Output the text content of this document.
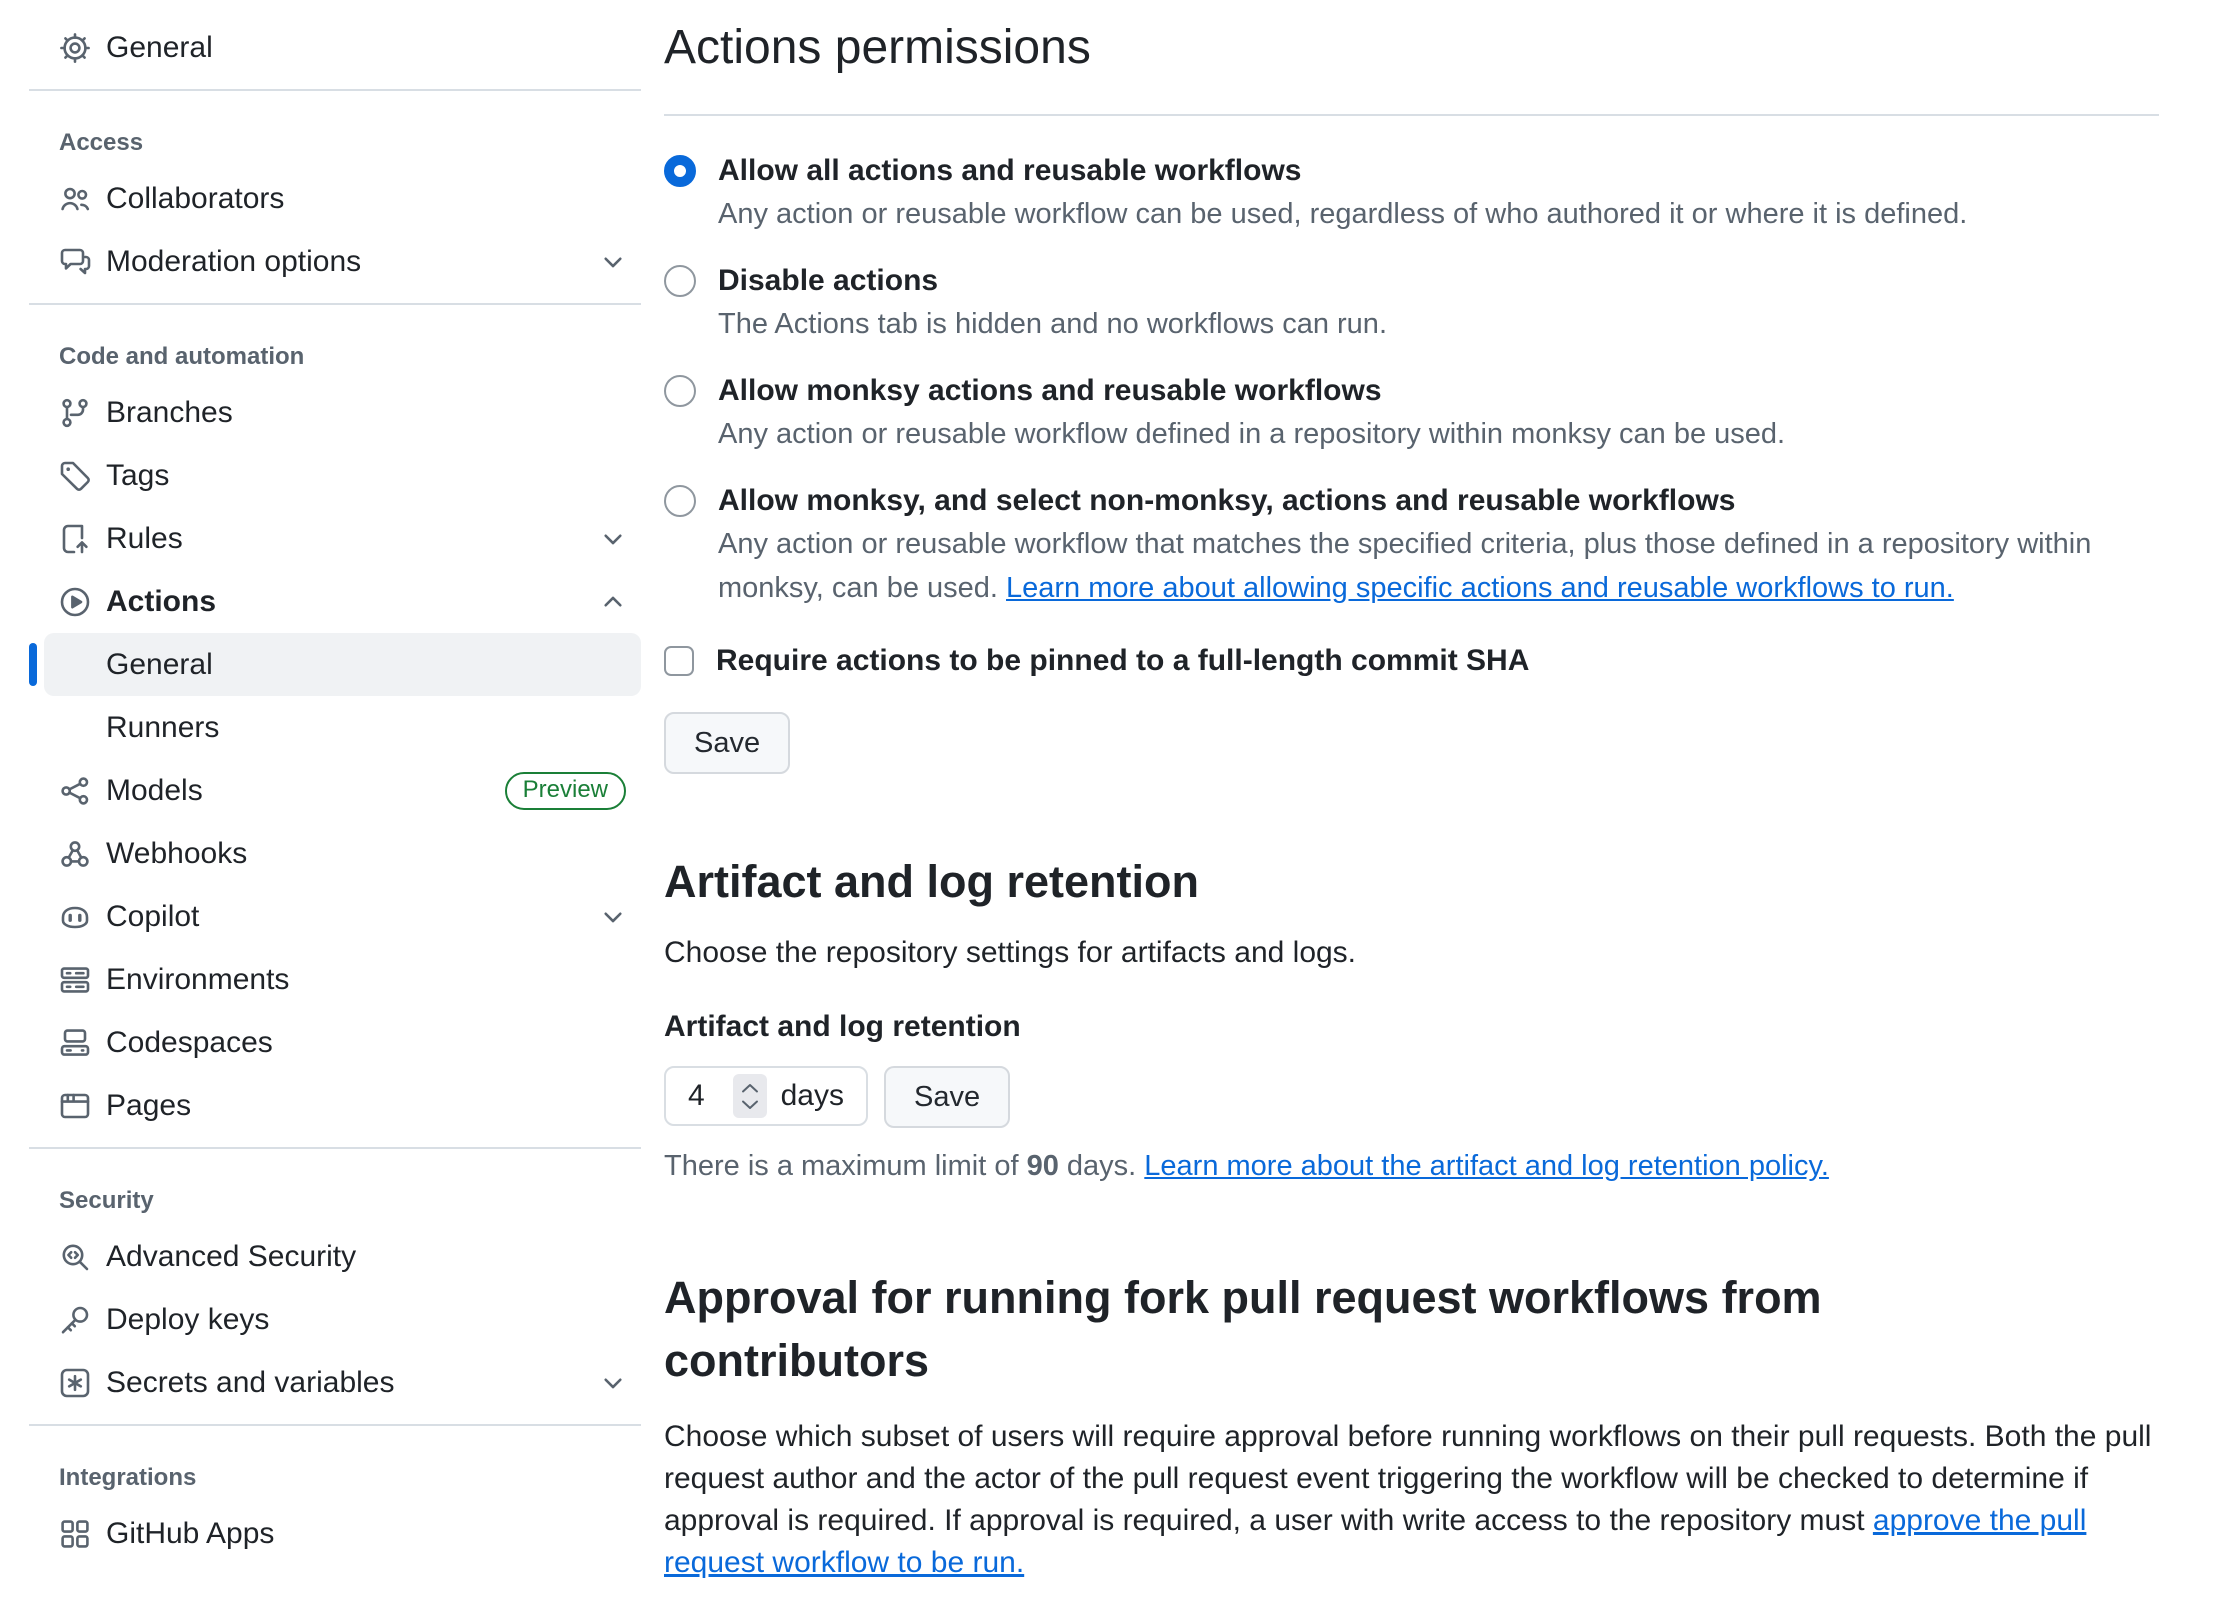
General
Access
Collaborators
Moderation options
Code and automation
Branches
Tags
Rules
Actions
General
Runners
Models	Preview
Webhooks
Copilot
Environments
Codespaces
Pages
Security
Advanced Security
Deploy keys
Secrets and variables
Integrations
GitHub Apps
Actions permissions
Allow all actions and reusable workflows
Any action or reusable workflow can be used, regardless of who authored it or where it is defined.
Disable actions
The Actions tab is hidden and no workflows can run.
Allow monksy actions and reusable workflows
Any action or reusable workflow defined in a repository within monksy can be used.
Allow monksy, and select non-monksy, actions and reusable workflows
Any action or reusable workflow that matches the specified criteria, plus those defined in a repository within monksy, can be used. Learn more about allowing specific actions and reusable workflows to run.
Require actions to be pinned to a full-length commit SHA
Save
Artifact and log retention

Choose the repository settings for artifacts and logs.

Artifact and log retention
4	days	Save

There is a maximum limit of 90 days. Learn more about the artifact and log retention policy.

Approval for running fork pull request workflows from contributors

Choose which subset of users will require approval before running workflows on their pull requests. Both the pull request author and the actor of the pull request event triggering the workflow will be checked to determine if approval is required. If approval is required, a user with write access to the repository must approve the pull request workflow to be run.
